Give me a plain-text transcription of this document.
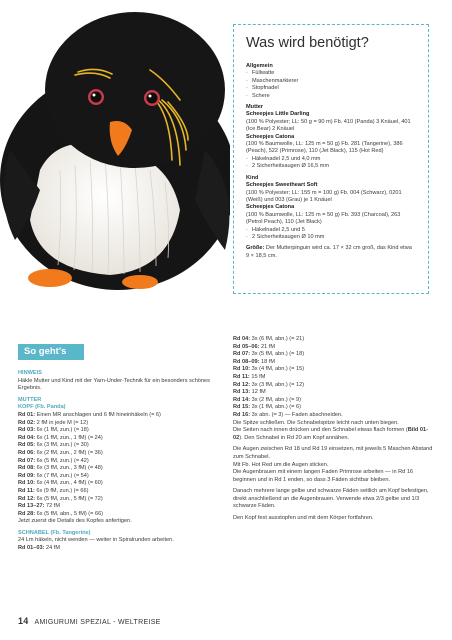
Was wird benötigt?
Allgemein
· Füllwatte
· Maschenmarkierer
· Stopfnadel
· Schere
Mutter
Scheepjes Little Darling
(100 % Polyester; LL: 50 g = 90 m) Fb. 410 (Panda) 3 Knäuel, 401 (Ice Bear) 2 Knäuel
Scheepjes Catona
(100 % Baumwolle, LL: 125 m = 50 g) Fb. 281 (Tangerine), 386 (Peach), 522 (Primrose), 110 (Jet Black), 115 (Hot Red)
· Häkelnadel 2,5 und 4,0 mm
· 2 Sicherheitsaugen Ø 16,5 mm
Kind
Scheepjes Sweetheart Soft
(100 % Polyester; LL: 155 m = 100 g) Fb. 004 (Schwarz), 0201 (Weiß) und 003 (Grau) je 1 Knäuel
Scheepjes Catona
(100 % Baumwolle, LL: 125 m = 50 g) Fb. 393 (Charcoal), 263 (Petrol Peach), 110 (Jet Black)
· Häkelnadel 2,5 und 5
· 2 Sicherheitsaugen Ø 10 mm
Größe: Der Mutterpinguin wird ca. 17 × 32 cm groß, das Kind etwa 9 × 18,5 cm.
So geht's
HINWEIS
Häkle Mutter und Kind mit der Yarn-Under-Technik für ein besonders schönes Ergebnis.
MUTTER
KOPF (Fb. Panda)
Rd 01: Einen MR anschlagen und 6 fM hineinhäkeln (= 6)
Rd 02: 2 fM in jede M (= 12)
Rd 03: 6x (1 fM, zun.) (= 18)
Rd 04: 6x (1 fM, zun., 1 fM) (= 24)
Rd 05: 6x (3 fM, zun.) (= 30)
Rd 06: 6x (2 fM, zun., 2 fM) (= 36)
Rd 07: 6x (5 fM, zun.) (= 42)
Rd 08: 6x (3 fM, zun., 3 fM) (= 48)
Rd 09: 6x (7 fM, zun.) (= 54)
Rd 10: 6x (4 fM, zun., 4 fM) (= 60)
Rd 11: 6x (9 fM, zun.) (= 66)
Rd 12: 6x (5 fM, zun., 5 fM) (= 72)
Rd 13–27: 72 fM
Rd 28: 6x (5 fM, abn., 5 fM) (= 66)
Jetzt zuerst die Details des Kopfes anfertigen.
SCHNABEL (Fb. Tangerine)
24 Lm häkeln, nicht wenden — weiter in Spiralrunden arbeiten.
Rd 01–03: 24 fM
Rd 04: 3x (6 fM, abn.) (= 21)
Rd 05–06: 21 fM
Rd 07: 3x (5 fM, abn.) (= 18)
Rd 08–09: 18 fM
Rd 10: 3x (4 fM, abn.) (= 15)
Rd 11: 15 fM
Rd 12: 3x (3 fM, abn.) (= 12)
Rd 13: 12 fM
Rd 14: 3x (2 fM, abn.) (= 9)
Rd 15: 3x (1 fM, abn.) (= 6)
Rd 16: 3x abn. (= 3) — Faden abschneiden.
Die Spitze schließen. Die Schnabelspitze leicht nach unten biegen.
Die Seiten nach innen drücken und den Schnabel etwas flach formen (Bild 01-02). Den Schnabel in Rd 20 am Kopf annähen.
Die Augen zwischen Rd 18 und Rd 19 einsetzen, mit jeweils 5 Maschen Abstand zum Schnabel.
Mit Fb. Hot Red um die Augen sticken.
Die Augenbrauen mit einem langen Faden Primrose arbeiten — in Rd 16 beginnen und in Rd 1 enden, so dass 3 Fäden sichtbar bleiben.
Danach mehrere lange gelbe und schwarze Fäden seitlich am Kopf befestigen, direkt anschließend an die Augenbrauen. Verwende etwa 2/3 gelbe und 1/3 schwarze Fäden.
Den Kopf fest ausstopfen und mit dem Körper fortfahren.
14 AMIGURUMI SPEZIAL - WELTREISE
